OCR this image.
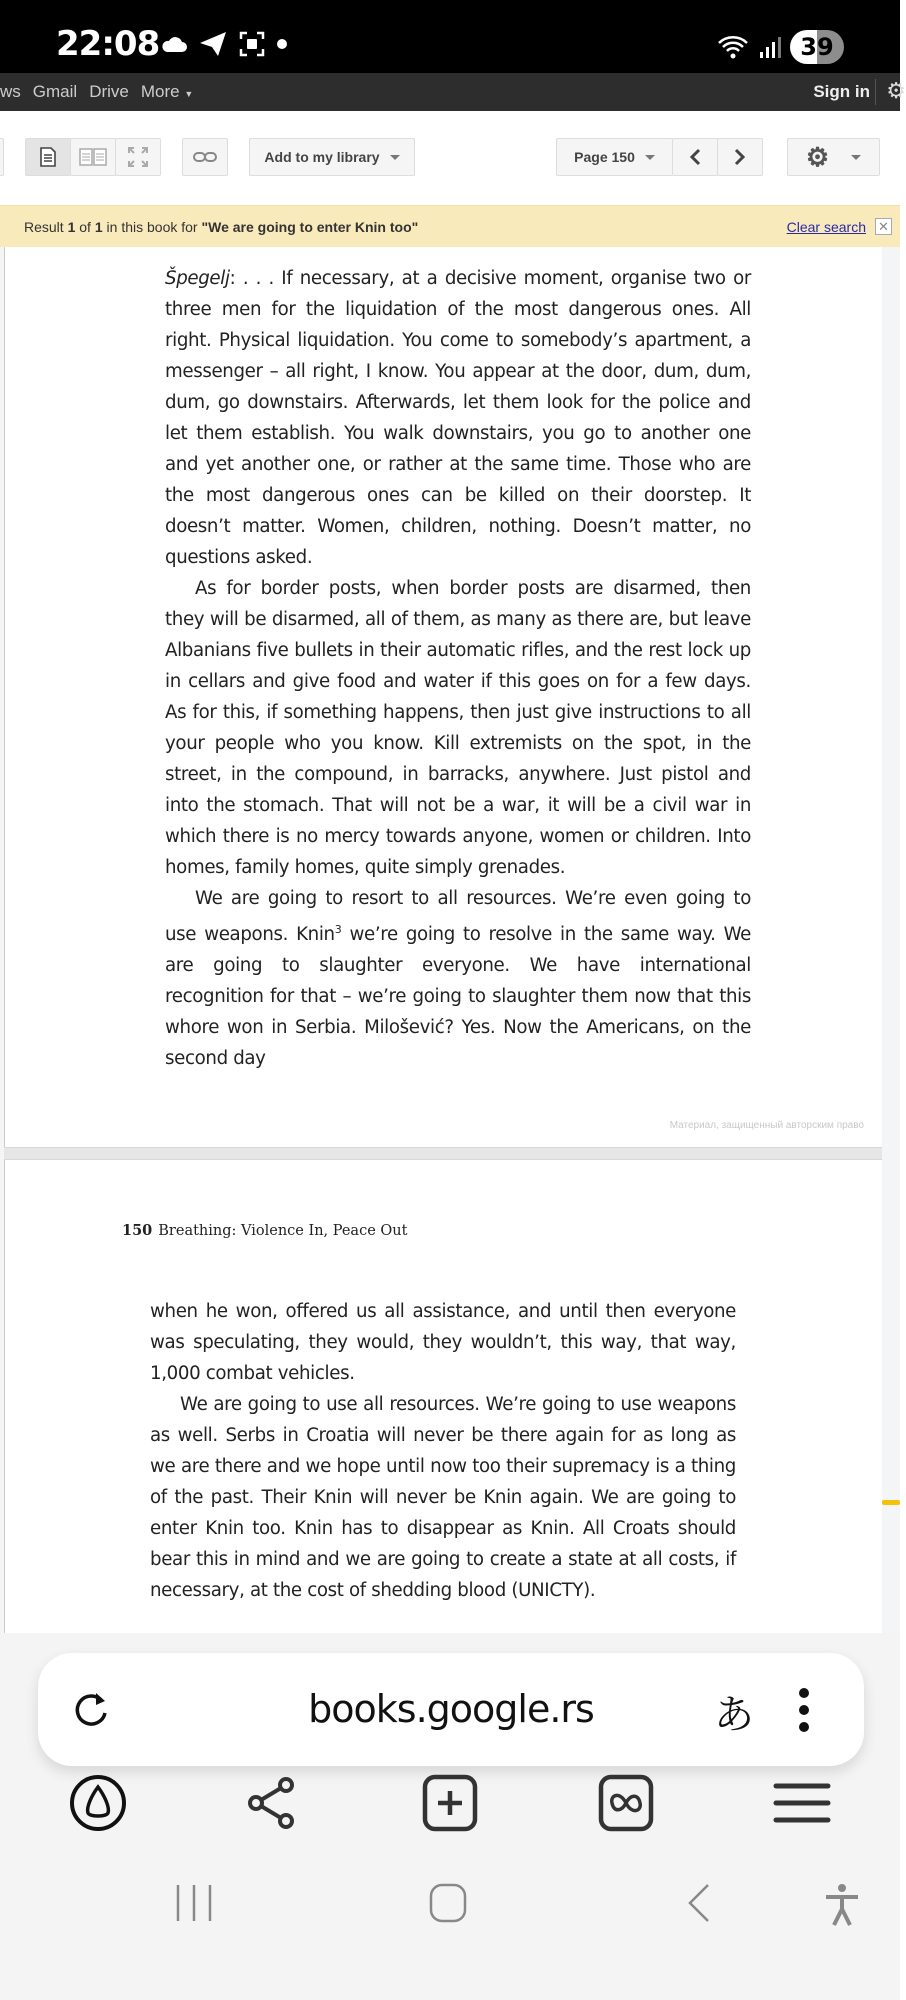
22:08	39
ws Gmail Drive More ▼	Sign in ⚙
Add to my library	Page 150	⚙
Result 1 of 1 in this book for "We are going to enter Knin too"	Clear search ✕
Материал, защищенный авторским право

Špegelj: . . . If necessary, at a decisive moment, organise two or three men for the liquidation of the most dangerous ones. All right. Physical liquidation. You come to somebody’s apartment, a messenger – all right, I know. You appear at the door, dum, dum, dum, go downstairs. Afterwards, let them look for the police and let them establish. You walk downstairs, you go to another one and yet another one, or rather at the same time. Those who are the most dangerous ones can be killed on their doorstep. It doesn’t matter. Women, children, nothing. Doesn’t matter, no questions asked.

As for border posts, when border posts are disarmed, then they will be disarmed, all of them, as many as there are, but leave Albanians five bullets in their automatic rifles, and the rest lock up in cellars and give food and water if this goes on for a few days. As for this, if something happens, then just give instructions to all your people who you know. Kill extremists on the spot, in the street, in the compound, in barracks, anywhere. Just pistol and into the stomach. That will not be a war, it will be a civil war in which there is no mercy towards anyone, women or children. Into homes, family homes, quite simply grenades.

We are going to resort to all resources. We’re even going to use weapons. Knin$^3$ we’re going to resolve in the same way. We are going to slaughter everyone. We have international recognition for that – we’re going to slaughter them now that this whore won in Serbia. Milošević? Yes. Now the Americans, on the second day

150 Breathing: Violence In, Peace Out

when he won, offered us all assistance, and until then everyone was speculating, they would, they wouldn’t, this way, that way, 1,000 combat vehicles.

We are going to use all resources. We’re going to use weapons as well. Serbs in Croatia will never be there again for as long as we are there and we hope until now too their supremacy is a thing of the past. Their Knin will never be Knin again. We are going to enter Knin too. Knin has to disappear as Knin. All Croats should bear this in mind and we are going to create a state at all costs, if necessary, at the cost of shedding blood (UNICTY).

books.google.rs	あ
